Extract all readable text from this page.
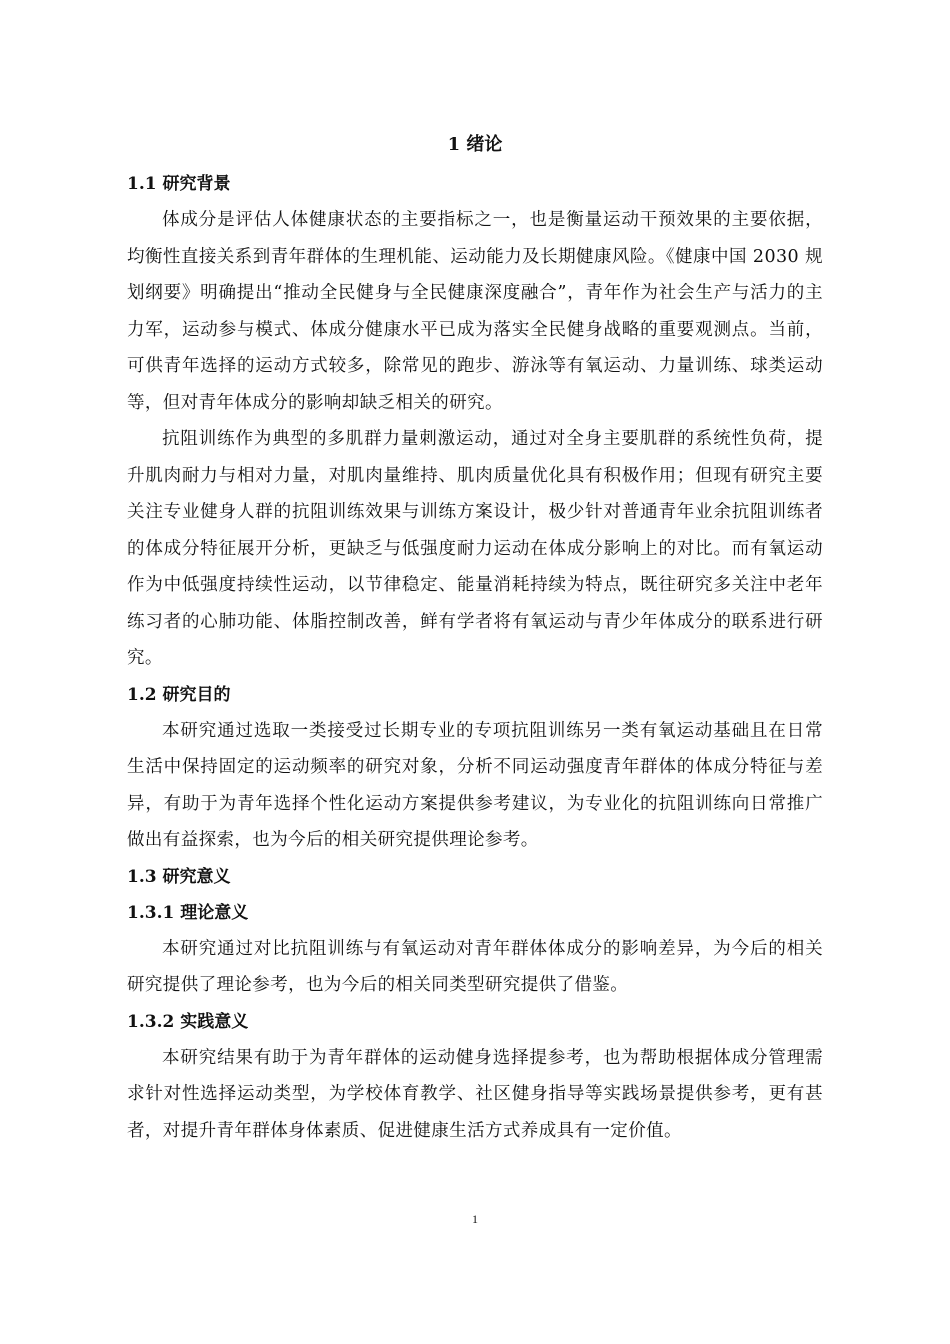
1 绪论
1.1 研究背景

体成分是评估人体健康状态的主要指标之一，也是衡量运动干预效果的主要依据，均衡性直接关系到青年群体的生理机能、运动能力及长期健康风险。《健康中国 2030 规划纲要》明确提出“推动全民健身与全民健康深度融合”，青年作为社会生产与活力的主力军，运动参与模式、体成分健康水平已成为落实全民健身战略的重要观测点。当前，可供青年选择的运动方式较多，除常见的跑步、游泳等有氧运动、力量训练、球类运动等，但对青年体成分的影响却缺乏相关的研究。

抗阻训练作为典型的多肌群力量刺激运动，通过对全身主要肌群的系统性负荷，提升肌肉耐力与相对力量，对肌肉量维持、肌肉质量优化具有积极作用；但现有研究主要关注专业健身人群的抗阻训练效果与训练方案设计，极少针对普通青年业余抗阻训练者的体成分特征展开分析，更缺乏与低强度耐力运动在体成分影响上的对比。而有氧运动作为中低强度持续性运动，以节律稳定、能量消耗持续为特点，既往研究多关注中老年练习者的心肺功能、体脂控制改善，鲜有学者将有氧运动与青少年体成分的联系进行研究。

1.2 研究目的

本研究通过选取一类接受过长期专业的专项抗阻训练另一类有氧运动基础且在日常生活中保持固定的运动频率的研究对象，分析不同运动强度青年群体的体成分特征与差异，有助于为青年选择个性化运动方案提供参考建议，为专业化的抗阻训练向日常推广做出有益探索，也为今后的相关研究提供理论参考。

1.3 研究意义
1.3.1 理论意义

本研究通过对比抗阻训练与有氧运动对青年群体体成分的影响差异，为今后的相关研究提供了理论参考，也为今后的相关同类型研究提供了借鉴。

1.3.2 实践意义

本研究结果有助于为青年群体的运动健身选择提参考，也为帮助根据体成分管理需求针对性选择运动类型，为学校体育教学、社区健身指导等实践场景提供参考，更有甚者，对提升青年群体身体素质、促进健康生活方式养成具有一定价值。

1
